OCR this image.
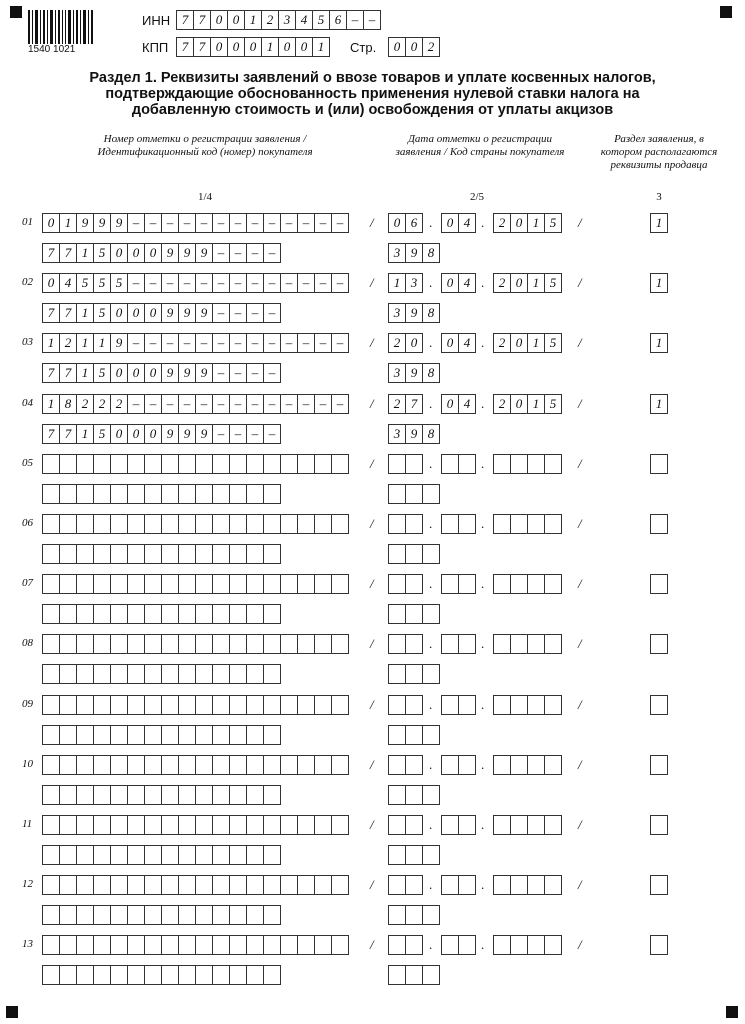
1540 1021
ИНН 7 7 0 0 1 2 3 4 5 6 – –
КПП	7 7 0 0 0 1 0 0 1	Стр.	0 0 2
Раздел 1. Реквизиты заявлений о ввозе товаров и уплате косвенных налогов, подтверждающие обоснованность применения нулевой ставки налога на добавленную стоимость и (или) освобождения от уплаты акцизов
Номер отметки о регистрации заявления / Идентификационный код (номер) покупателя
Дата отметки о регистрации заявления / Код страны покупателя
Раздел заявления, в котором располагаются реквизиты продавца
1/4	2/5	3
01	0 1 9 9 9 – – – – – – – – – – – – –	/	0 6 .	0 4 .	2 0 1 5	/	1
7 7 1 5 0 0 0 9 9 9 – – – –	3 9 8
02	0 4 5 5 5 – – – – – – – – – – – – –	/	1 3 .	0 4 .	2 0 1 5	/	1
7 7 1 5 0 0 0 9 9 9 – – – –	3 9 8
03	1 2 1 1 9 – – – – – – – – – – – – –	/	2 0 .	0 4 .	2 0 1 5	/	1
7 7 1 5 0 0 0 9 9 9 – – – –	3 9 8
04	1 8 2 2 2 – – – – – – – – – – – – –	/	2 7 .	0 4 .	2 0 1 5	/	1
7 7 1 5 0 0 0 9 9 9 – – – –	3 9 8
05	/	.	.	/
06	/	.	.	/
07	/	.	.	/
08	/	.	.	/
09	/	.	.	/
10	/	.	.	/
11	/	.	.	/
12	/	.	.	/
13	/	.	.	/
